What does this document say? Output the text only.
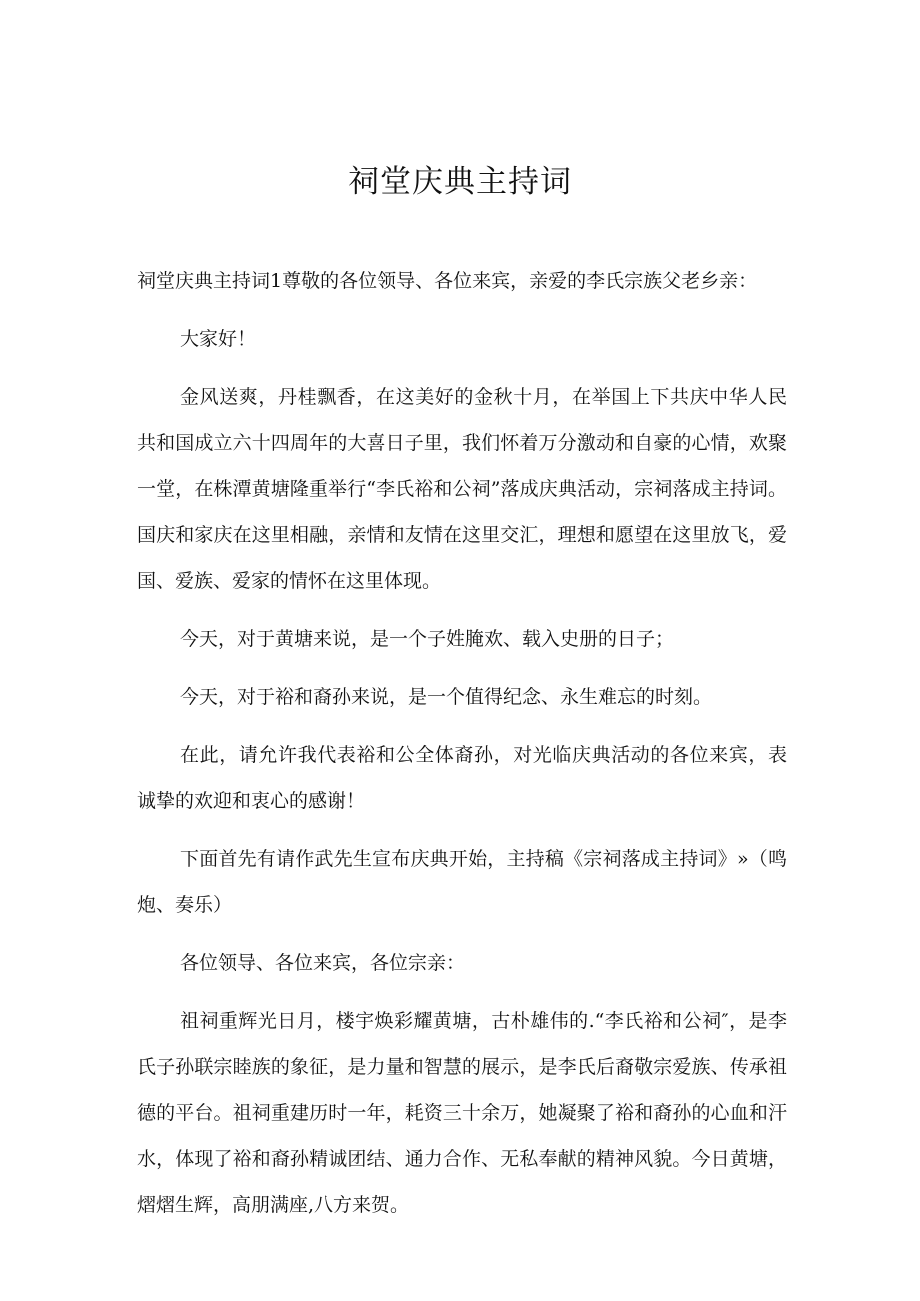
祠堂庆典主持词

祠堂庆典主持词1尊敬的各位领导、各位来宾，亲爱的李氏宗族父老乡亲：

大家好！

金风送爽，丹桂飘香，在这美好的金秋十月，在举国上下共庆中华人民共和国成立六十四周年的大喜日子里，我们怀着万分激动和自豪的心情，欢聚一堂，在株潭黄塘隆重举行“李氏裕和公祠”落成庆典活动，宗祠落成主持词。国庆和家庆在这里相融，亲情和友情在这里交汇，理想和愿望在这里放飞，爱国、爱族、爱家的情怀在这里体现。

今天，对于黄塘来说，是一个子姓腌欢、载入史册的日子；

今天，对于裕和裔孙来说，是一个值得纪念、永生难忘的时刻。

在此，请允许我代表裕和公全体裔孙，对光临庆典活动的各位来宾，表诚挚的欢迎和衷心的感谢！

下面首先有请作武先生宣布庆典开始，主持稿《宗祠落成主持词》»（鸣炮、奏乐）

各位领导、各位来宾，各位宗亲：

祖祠重辉光日月，楼宇焕彩耀黄塘，古朴雄伟的.“李氏裕和公祠″，是李氏子孙联宗睦族的象征，是力量和智慧的展示，是李氏后裔敬宗爱族、传承祖德的平台。祖祠重建历时一年，耗资三十余万，她凝聚了裕和裔孙的心血和汗水，体现了裕和裔孙精诚团结、通力合作、无私奉献的精神风貌。今日黄塘，熠熠生辉，高朋满座,八方来贺。
